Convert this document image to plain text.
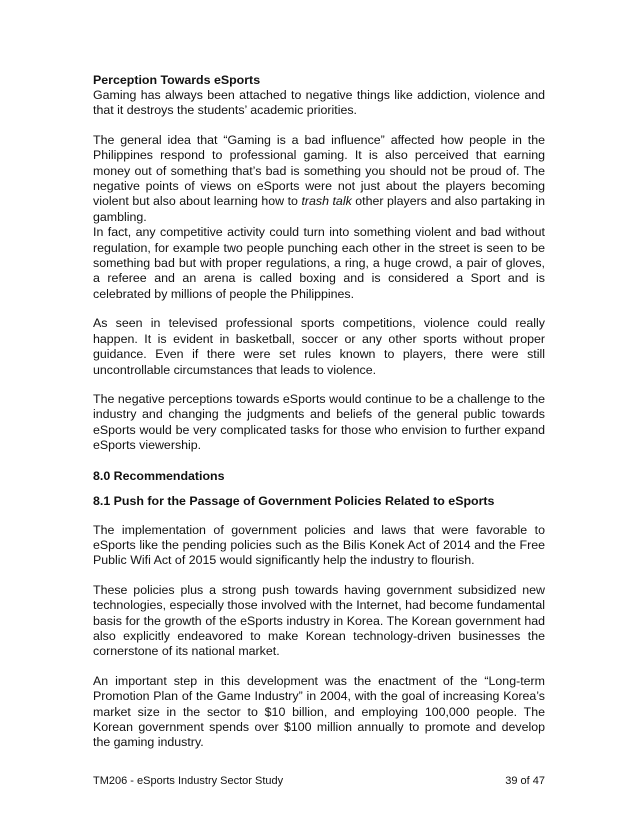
Perception Towards eSports

Gaming has always been attached to negative things like addiction, violence and that it destroys the students’ academic priorities.

The general idea that “Gaming is a bad influence” affected how people in the Philippines respond to professional gaming. It is also perceived that earning money out of something that’s bad is something you should not be proud of. The negative points of views on eSports were not just about the players becoming violent but also about learning how to trash talk other players and also partaking in gambling.

In fact, any competitive activity could turn into something violent and bad without regulation, for example two people punching each other in the street is seen to be something bad but with proper regulations, a ring, a huge crowd, a pair of gloves, a referee and an arena is called boxing and is considered a Sport and is celebrated by millions of people the Philippines.

As seen in televised professional sports competitions, violence could really happen. It is evident in basketball, soccer or any other sports without proper guidance. Even if there were set rules known to players, there were still uncontrollable circumstances that leads to violence.

The negative perceptions towards eSports would continue to be a challenge to the industry and changing the judgments and beliefs of the general public towards eSports would be very complicated tasks for those who envision to further expand eSports viewership.

8.0 Recommendations

8.1 Push for the Passage of Government Policies Related to eSports

The implementation of government policies and laws that were favorable to eSports like the pending policies such as the Bilis Konek Act of 2014 and the Free Public Wifi Act of 2015 would significantly help the industry to flourish.

These policies plus a strong push towards having government subsidized new technologies, especially those involved with the Internet, had become fundamental basis for the growth of the eSports industry in Korea. The Korean government had also explicitly endeavored to make Korean technology-driven businesses the cornerstone of its national market.

An important step in this development was the enactment of the “Long-term Promotion Plan of the Game Industry” in 2004, with the goal of increasing Korea’s market size in the sector to $10 billion, and employing 100,000 people. The Korean government spends over $100 million annually to promote and develop the gaming industry.

TM206 - eSports Industry Sector Study	39 of 47
